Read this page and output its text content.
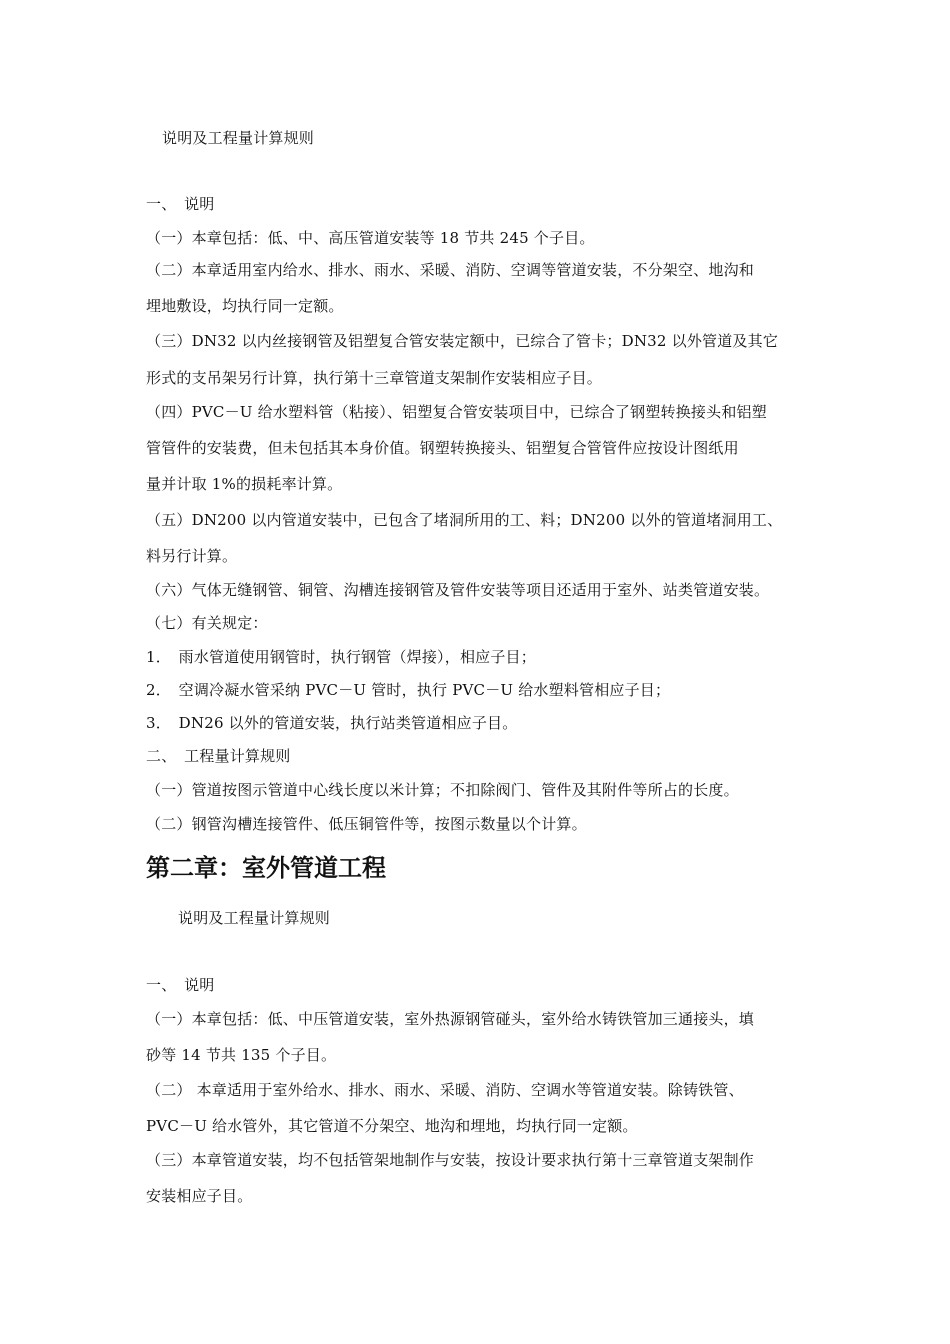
说明及工程量计算规则
一、　说明
（一）本章包括：低、中、高压管道安装等 18 节共 245 个子目。
（二）本章适用室内给水、排水、雨水、采暖、消防、空调等管道安装，不分架空、地沟和
埋地敷设，均执行同一定额。
（三）DN32 以内丝接钢管及铝塑复合管安装定额中，已综合了管卡；DN32 以外管道及其它
形式的支吊架另行计算，执行第十三章管道支架制作安装相应子目。
（四）PVC－U 给水塑料管（粘接）、铝塑复合管安装项目中，已综合了钢塑转换接头和铝塑
管管件的安装费，但未包括其本身价值。钢塑转换接头、铝塑复合管管件应按设计图纸用
量并计取 1%的损耗率计算。
（五）DN200 以内管道安装中，已包含了堵洞所用的工、料；DN200 以外的管道堵洞用工、
料另行计算。
（六）气体无缝钢管、铜管、沟槽连接钢管及管件安装等项目还适用于室外、站类管道安装。
（七）有关规定：
1．　雨水管道使用钢管时，执行钢管（焊接），相应子目；
2．　空调冷凝水管采纳 PVC－U 管时，执行 PVC－U 给水塑料管相应子目；
3．　DN26 以外的管道安装，执行站类管道相应子目。
二、　工程量计算规则
（一）管道按图示管道中心线长度以米计算；不扣除阀门、管件及其附件等所占的长度。
（二）钢管沟槽连接管件、低压铜管件等，按图示数量以个计算。
第二章：室外管道工程
说明及工程量计算规则
一、　说明
（一）本章包括：低、中压管道安装，室外热源钢管碰头，室外给水铸铁管加三通接头，填
砂等 14 节共 135 个子目。
（二） 本章适用于室外给水、排水、雨水、采暖、消防、空调水等管道安装。除铸铁管、
PVC－U 给水管外，其它管道不分架空、地沟和埋地，均执行同一定额。
（三）本章管道安装，均不包括管架地制作与安装，按设计要求执行第十三章管道支架制作
安装相应子目。
